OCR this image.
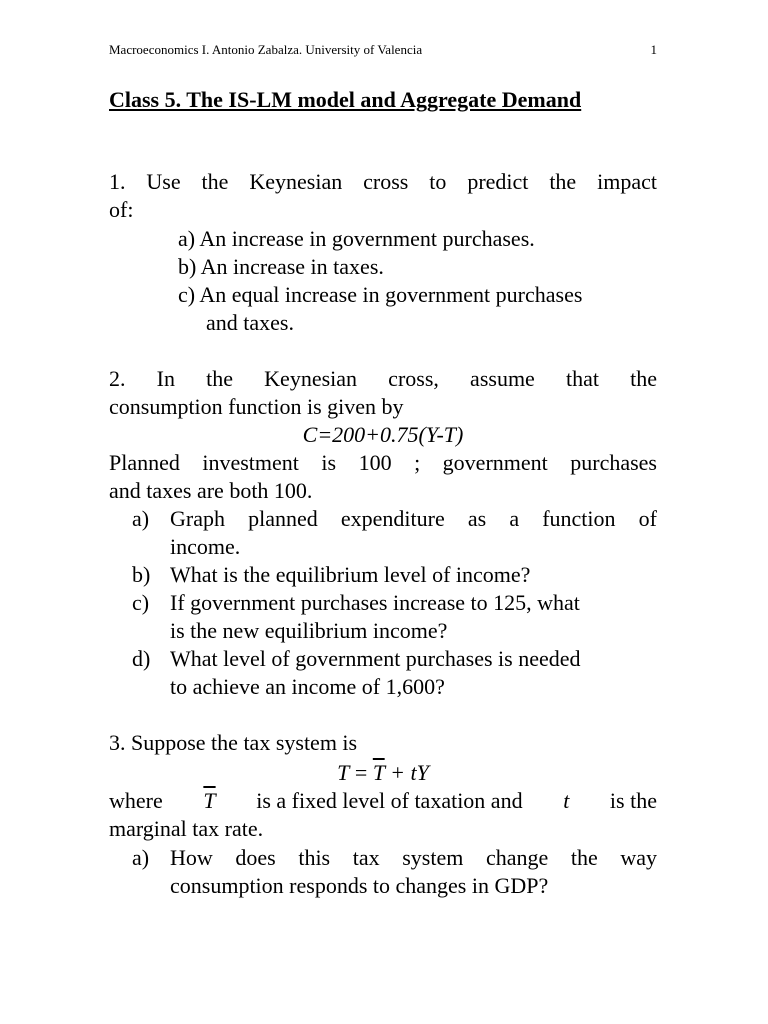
Macroeconomics I. Antonio Zabalza. University of Valencia	1
Class 5. The IS-LM model and Aggregate Demand
1. Use the Keynesian cross to predict the impact
of:
a) An increase in government purchases.
b) An increase in taxes.
c) An equal increase in government purchases
and taxes.
2. In the Keynesian cross, assume that the
consumption function is given by
C=200+0.75(Y-T)
Planned investment is 100 ; government purchases
and taxes are both 100.
a) Graph planned expenditure as a function of
income.
b) What is the equilibrium level of income?
c) If government purchases increase to 125, what
is the new equilibrium income?
d) What level of government purchases is needed
to achieve an income of 1,600?
3. Suppose the tax system is
$T = \overline{T}$ + tY
where $\overline{T}$ is a fixed level of taxation and t is the
marginal tax rate.
a) How does this tax system change the way
consumption responds to changes in GDP?
